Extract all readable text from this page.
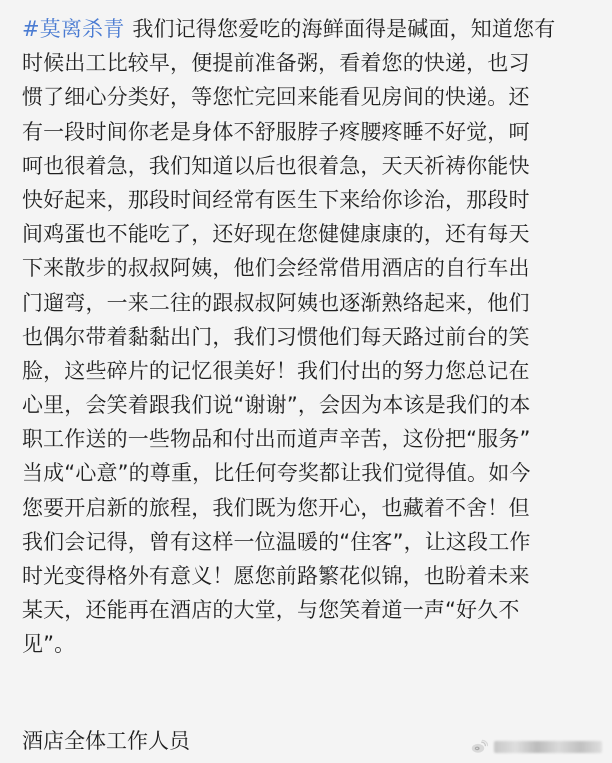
#莫离杀青 我们记得您爱吃的海鲜面得是碱面，知道您有
时候出工比较早，便提前准备粥，看着您的快递，也习
惯了细心分类好，等您忙完回来能看见房间的快递。还
有一段时间你老是身体不舒服脖子疼腰疼睡不好觉，呵
呵也很着急，我们知道以后也很着急，天天祈祷你能快
快好起来，那段时间经常有医生下来给你诊治，那段时
间鸡蛋也不能吃了，还好现在您健健康康的，还有每天
下来散步的叔叔阿姨，他们会经常借用酒店的自行车出
门遛弯，一来二往的跟叔叔阿姨也逐渐熟络起来，他们
也偶尔带着黏黏出门，我们习惯他们每天路过前台的笑
脸，这些碎片的记忆很美好！我们付出的努力您总记在
心里，会笑着跟我们说“谢谢”，会因为本该是我们的本
职工作送的一些物品和付出而道声辛苦，这份把“服务”
当成“心意”的尊重，比任何夸奖都让我们觉得值。如今
您要开启新的旅程，我们既为您开心，也藏着不舍！但
我们会记得，曾有这样一位温暖的“住客”，让这段工作
时光变得格外有意义！愿您前路繁花似锦，也盼着未来
某天，还能再在酒店的大堂，与您笑着道一声“好久不
见”。
酒店全体工作人员
